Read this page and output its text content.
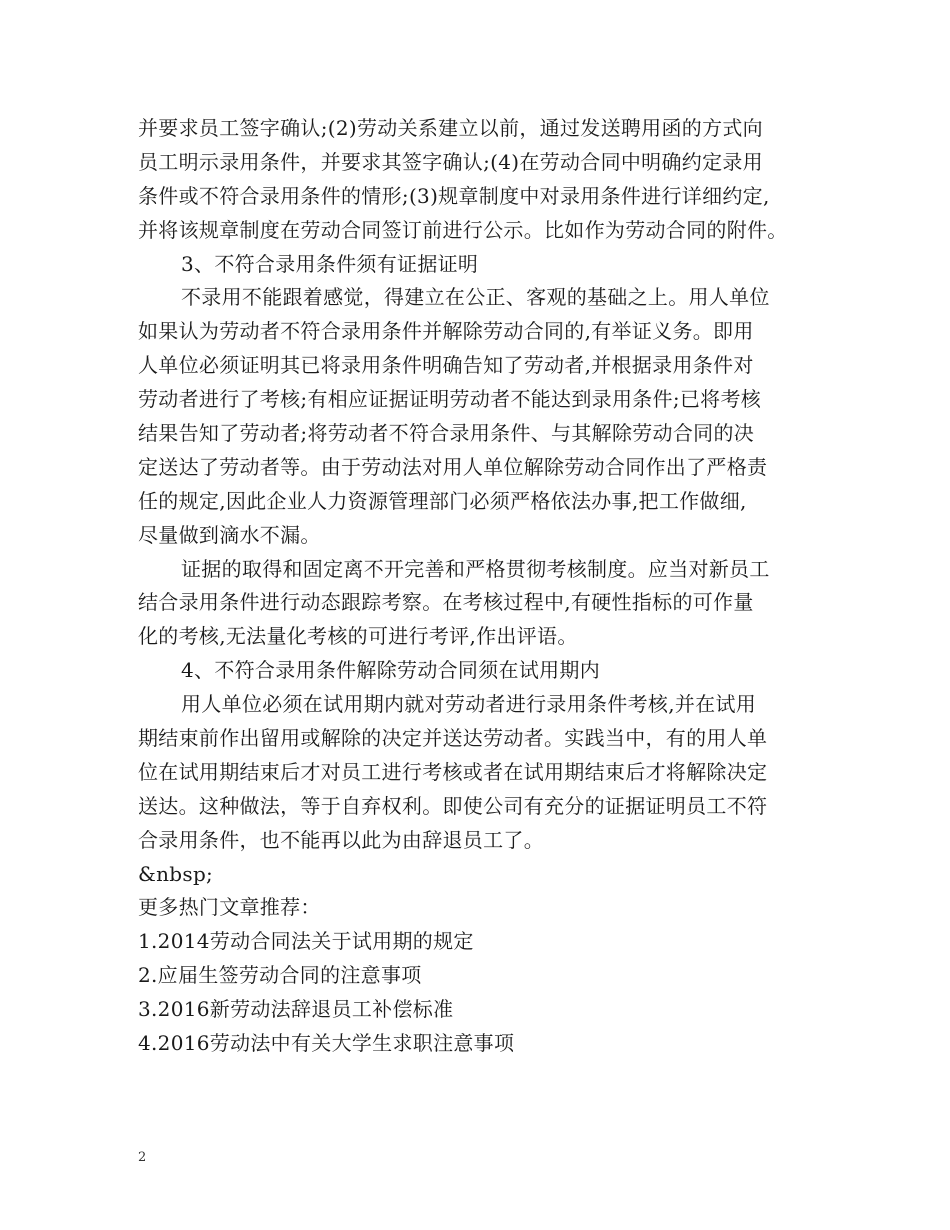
并要求员工签字确认;(2)劳动关系建立以前，通过发送聘用函的方式向

员工明示录用条件，并要求其签字确认;(4)在劳动合同中明确约定录用

条件或不符合录用条件的情形;(3)规章制度中对录用条件进行详细约定,

并将该规章制度在劳动合同签订前进行公示。比如作为劳动合同的附件。

3、不符合录用条件须有证据证明

不录用不能跟着感觉，得建立在公正、客观的基础之上。用人单位

如果认为劳动者不符合录用条件并解除劳动合同的,有举证义务。即用

人单位必须证明其已将录用条件明确告知了劳动者,并根据录用条件对

劳动者进行了考核;有相应证据证明劳动者不能达到录用条件;已将考核

结果告知了劳动者;将劳动者不符合录用条件、与其解除劳动合同的决

定送达了劳动者等。由于劳动法对用人单位解除劳动合同作出了严格责

任的规定,因此企业人力资源管理部门必须严格依法办事,把工作做细,

尽量做到滴水不漏。

证据的取得和固定离不开完善和严格贯彻考核制度。应当对新员工

结合录用条件进行动态跟踪考察。在考核过程中,有硬性指标的可作量

化的考核,无法量化考核的可进行考评,作出评语。

4、不符合录用条件解除劳动合同须在试用期内

用人单位必须在试用期内就对劳动者进行录用条件考核,并在试用

期结束前作出留用或解除的决定并送达劳动者。实践当中，有的用人单

位在试用期结束后才对员工进行考核或者在试用期结束后才将解除决定

送达。这种做法，等于自弃权利。即使公司有充分的证据证明员工不符

合录用条件，也不能再以此为由辞退员工了。

&nbsp;

更多热门文章推荐：

1.2014劳动合同法关于试用期的规定

2.应届生签劳动合同的注意事项

3.2016新劳动法辞退员工补偿标准

4.2016劳动法中有关大学生求职注意事项

2
